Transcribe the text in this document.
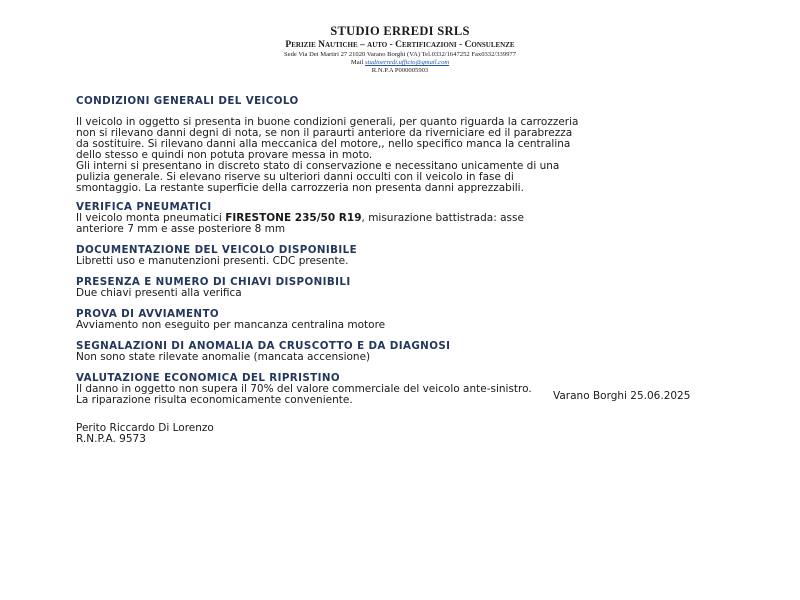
STUDIO ERREDI SRLS
Perizie Nautiche – auto - Certificazioni - Consulenze
Sede Via Dei Martiri 27 21020 Varano Borghi (VA) Tel.0332/1647252 Fax0332/339977
Mail studioerredi.ufficio@gmail.com
R.N.P.A P000005903
CONDIZIONI GENERALI DEL VEICOLO
Il veicolo in oggetto si presenta in buone condizioni generali, per quanto riguarda la carrozzeria
non si rilevano danni degni di nota, se non il paraurti anteriore da riverniciare ed il parabrezza
da sostituire. Si rilevano danni alla meccanica del motore,, nello specifico manca la centralina
dello stesso e quindi non potuta provare messa in moto.
Gli interni si presentano in discreto stato di conservazione e necessitano unicamente di una
pulizia generale. Si elevano riserve su ulteriori danni occulti con il veicolo in fase di
smontaggio. La restante superficie della carrozzeria non presenta danni apprezzabili.
VERIFICA PNEUMATICI
Il veicolo monta pneumatici FIRESTONE 235/50 R19, misurazione battistrada: asse
anteriore 7 mm e asse posteriore 8 mm
DOCUMENTAZIONE DEL VEICOLO DISPONIBILE
Libretti uso e manutenzioni presenti. CDC presente.
PRESENZA E NUMERO DI CHIAVI DISPONIBILI
Due chiavi presenti alla verifica
PROVA DI AVVIAMENTO
Avviamento non eseguito per mancanza centralina motore
SEGNALAZIONI DI ANOMALIA DA CRUSCOTTO E DA DIAGNOSI
Non sono state rilevate anomalie (mancata accensione)
VALUTAZIONE ECONOMICA DEL RIPRISTINO
Il danno in oggetto non supera il 70% del valore commerciale del veicolo ante-sinistro.
La riparazione risulta economicamente conveniente.	Varano Borghi 25.06.2025
Perito Riccardo Di Lorenzo
R.N.P.A. 9573
